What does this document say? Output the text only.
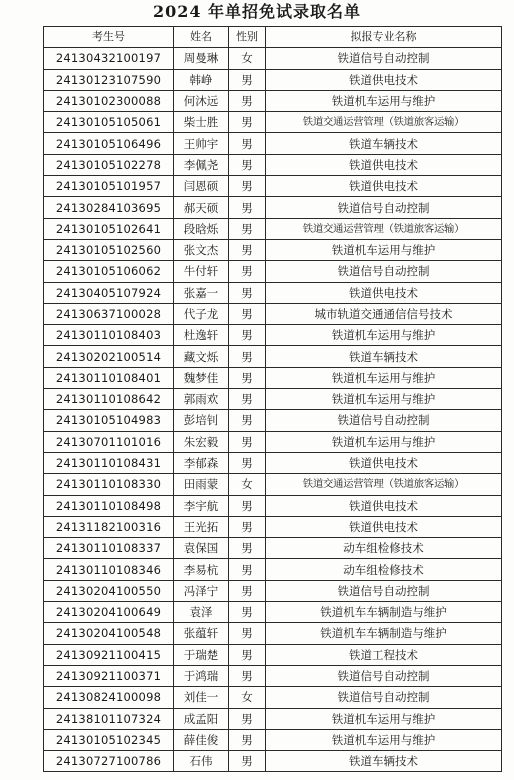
2024 年单招免试录取名单
考生号	姓名	性别	拟报专业名称
24130432100197	周曼琳	女	铁道信号自动控制
24130123107590	韩峥	男	铁道供电技术
24130102300088	何沐远	男	铁道机车运用与维护
24130105105061	柴士胜	男	铁道交通运营管理（铁道旅客运输）
24130105106496	王帅宇	男	铁道车辆技术
24130105102278	李佩尧	男	铁道供电技术
24130105101957	闫恩硕	男	铁道供电技术
24130284103695	郝天硕	男	铁道信号自动控制
24130105102641	段晗烁	男	铁道交通运营管理（铁道旅客运输）
24130105102560	张文杰	男	铁道机车运用与维护
24130105106062	牛付轩	男	铁道信号自动控制
24130405107924	张嘉一	男	铁道供电技术
24130637100028	代子龙	男	城市轨道交通通信信号技术
24130110108403	杜逸轩	男	铁道机车运用与维护
24130202100514	藏文烁	男	铁道车辆技术
24130110108401	魏梦佳	男	铁道机车运用与维护
24130110108642	郭雨欢	男	铁道机车运用与维护
24130105104983	彭培钊	男	铁道信号自动控制
24130701101016	朱宏毅	男	铁道机车运用与维护
24130110108431	李郁森	男	铁道供电技术
24130110108330	田雨蒙	女	铁道交通运营管理（铁道旅客运输）
24130110108498	李宇航	男	铁道供电技术
24131182100316	王光拓	男	铁道供电技术
24130110108337	袁保国	男	动车组检修技术
24130110108346	李易杭	男	动车组检修技术
24130204100550	冯泽宁	男	铁道信号自动控制
24130204100649	袁泽	男	铁道机车车辆制造与维护
24130204100548	张蕴轩	男	铁道机车车辆制造与维护
24130921100415	于瑞楚	男	铁道工程技术
24130921100371	于鸿瑞	男	铁道信号自动控制
24130824100098	刘佳一	女	铁道信号自动控制
24138101107324	成孟阳	男	铁道机车运用与维护
24130105102345	薛佳俊	男	铁道机车运用与维护
24130727100786	石伟	男	铁道车辆技术
